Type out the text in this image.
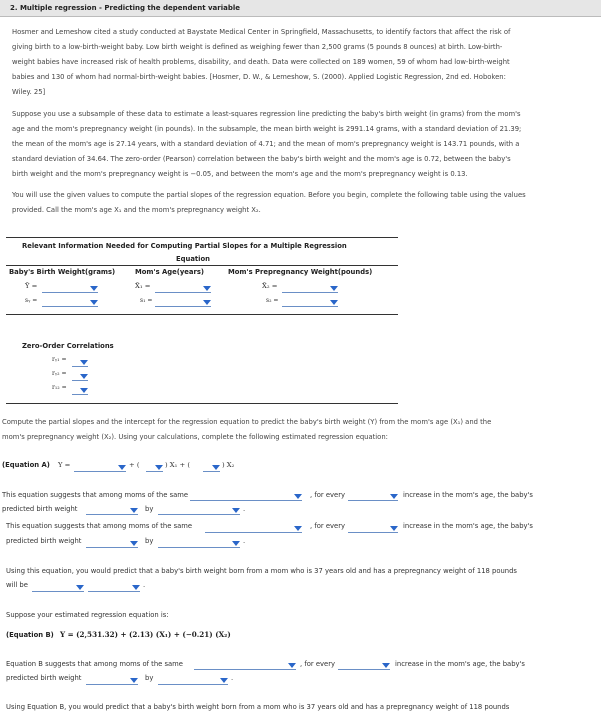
2. Multiple regression - Predicting the dependent variable
Hosmer and Lemeshow cited a study conducted at Baystate Medical Center in Springfield, Massachusetts, to identify factors that affect the risk of
giving birth to a low-birth-weight baby. Low birth weight is defined as weighing fewer than 2,500 grams (5 pounds 8 ounces) at birth. Low-birth-
weight babies have increased risk of health problems, disability, and death. Data were collected on 189 women, 59 of whom had low-birth-weight
babies and 130 of whom had normal-birth-weight babies. [Hosmer, D. W., & Lemeshow, S. (2000). Applied Logistic Regression, 2nd ed. Hoboken:
Wiley. 25]
Suppose you use a subsample of these data to estimate a least-squares regression line predicting the baby's birth weight (in grams) from the mom's
age and the mom's prepregnancy weight (in pounds). In the subsample, the mean birth weight is 2991.14 grams, with a standard deviation of 21.39;
the mean of the mom's age is 27.14 years, with a standard deviation of 4.71; and the mean of mom's prepregnancy weight is 143.71 pounds, with a
standard deviation of 34.64. The zero-order (Pearson) correlation between the baby's birth weight and the mom's age is 0.72, between the baby's
birth weight and the mom's prepregnancy weight is −0.05, and between the mom's age and the mom's prepregnancy weight is 0.13.
You will use the given values to compute the partial slopes of the regression equation. Before you begin, complete the following table using the values
provided. Call the mom's age X₁ and the mom's prepregnancy weight X₂.
Relevant Information Needed for Computing Partial Slopes for a Multiple Regression
Equation
Baby's Birth Weight(grams)	Mom's Age(years)	Mom's Prepregnancy Weight(pounds)
Ȳ =	X̄₁ =	X̄₂ =
sᵧ =	s₁ =	s₂ =
Zero-Order Correlations
rᵧ₁ =
rᵧ₂ =
r₁₂ =
Compute the partial slopes and the intercept for the regression equation to predict the baby's birth weight (Y) from the mom's age (X₁) and the
mom's prepregnancy weight (X₂). Using your calculations, complete the following estimated regression equation:
(Equation A) Y =	+ (	) X₁ + (	) X₂
This equation suggests that among moms of the same	, for every	increase in the mom's age, the baby's
predicted birth weight	by	.
This equation suggests that among moms of the same	, for every	increase in the mom's age, the baby's
predicted birth weight	by	.
Using this equation, you would predict that a baby's birth weight born from a mom who is 37 years old and has a prepregnancy weight of 118 pounds
will be	.
Suppose your estimated regression equation is:
(Equation B) Y = (2,531.32) + (2.13) (X₁) + (−0.21) (X₂)
Equation B suggests that among moms of the same	, for every	increase in the mom's age, the baby's
predicted birth weight	by	.
Using Equation B, you would predict that a baby's birth weight born from a mom who is 37 years old and has a prepregnancy weight of 118 pounds
